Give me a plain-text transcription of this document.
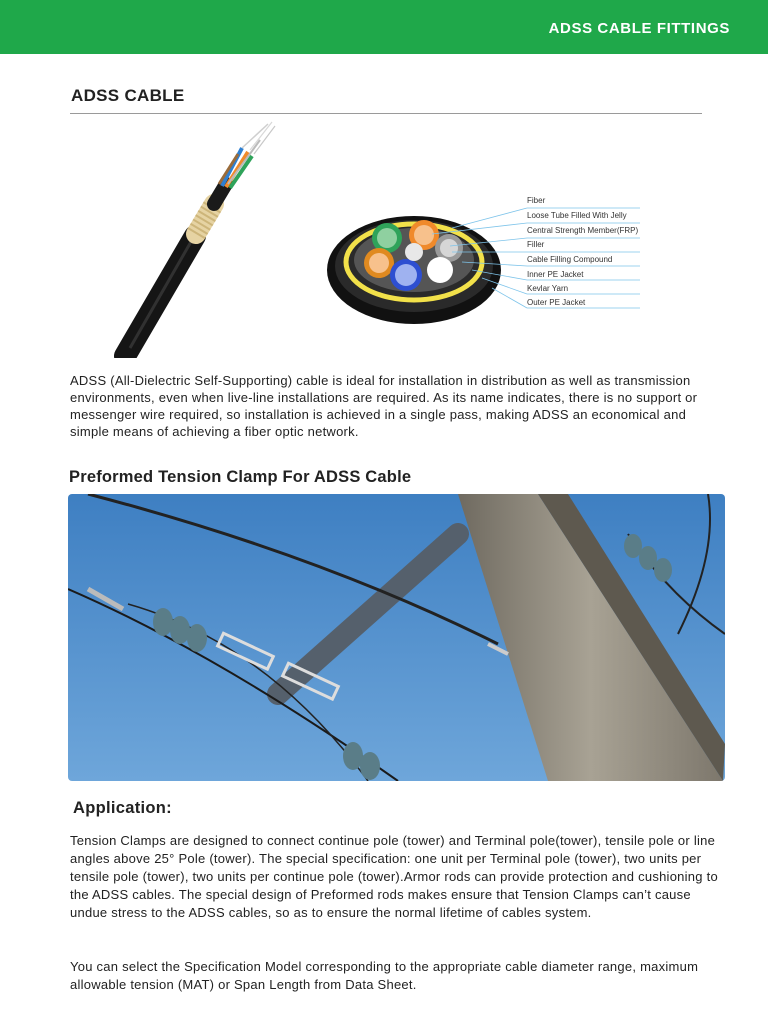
ADSS CABLE FITTINGS
ADSS CABLE
Fiber
Loose Tube Filled With Jelly
Central Strength Member(FRP)
Filler
Cable Filling Compound
Inner PE Jacket
Kevlar Yarn
Outer PE Jacket
ADSS (All-Dielectric Self-Supporting) cable is ideal for installation in distribution as well as transmission environments, even when live-line installations are required. As its name indicates, there is no support or messenger wire required, so installation is achieved in a single pass, making ADSS an economical and simple means of achieving a fiber optic network.
Preformed Tension Clamp For ADSS Cable
Application:
Tension Clamps are designed to connect continue pole (tower) and Terminal pole(tower), tensile pole or line angles above 25° Pole (tower). The special specification: one unit per Terminal pole (tower), two units per tensile pole (tower), two units per continue pole (tower).Armor rods can provide protection and cushioning to the ADSS cables. The special design of Preformed rods makes ensure that Tension Clamps can’t cause undue stress to the ADSS cables, so as to ensure the normal lifetime of cables system.
You can select the Specification Model corresponding to the appropriate cable diameter range, maximum allowable tension (MAT) or Span Length from Data Sheet.
